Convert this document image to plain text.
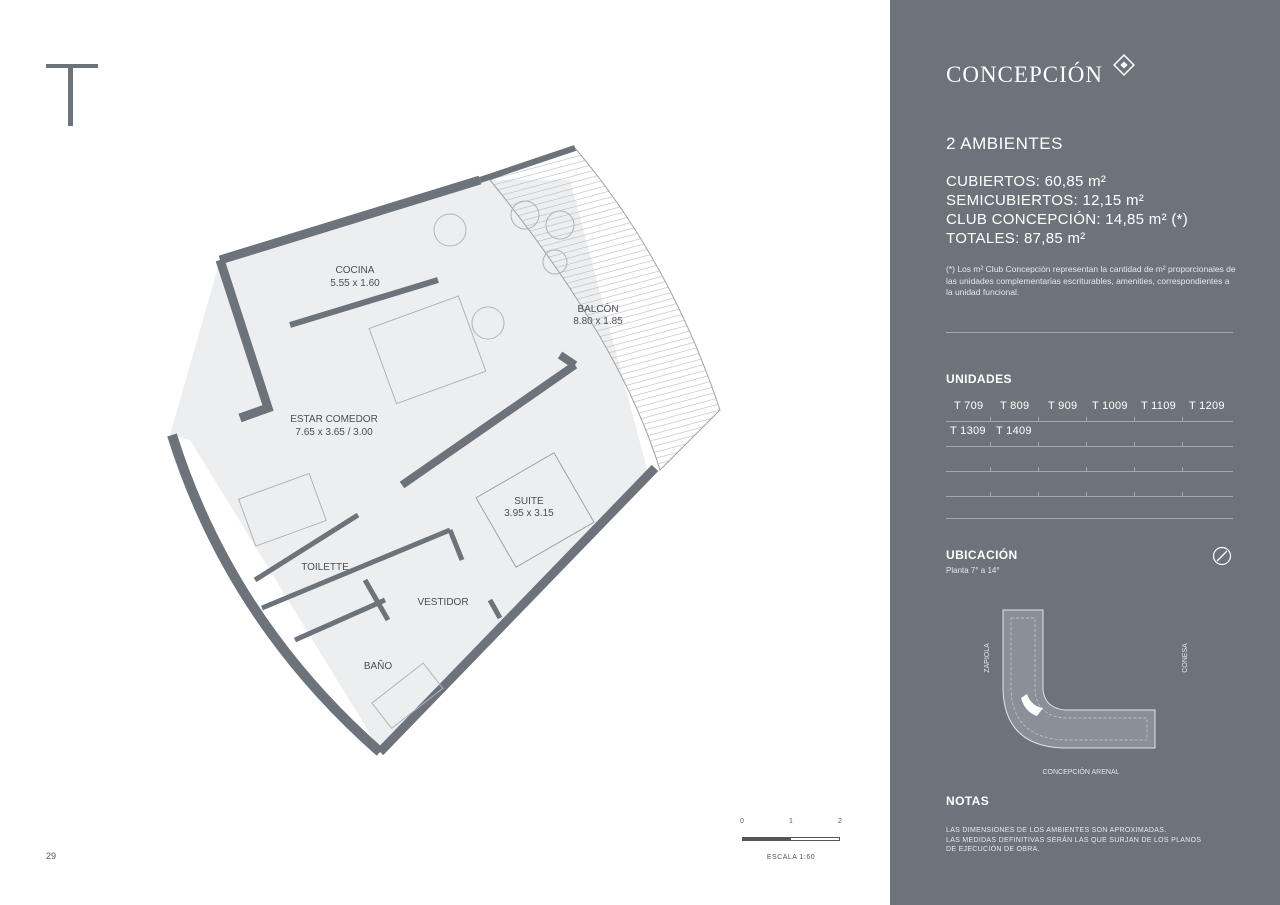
COCINA
5.55 x 1.60
BALCÓN
8.80 x 1.85
ESTAR COMEDOR
7.65 x 3.65 / 3.00
SUITE
3.95 x 3.15
TOILETTE
VESTIDOR
BAÑO
0	1	2
ESCALA 1:60
29
CONCEPCIÓN
2 AMBIENTES
CUBIERTOS: 60,85 m²
SEMICUBIERTOS: 12,15 m²
CLUB CONCEPCIÓN: 14,85 m² (*)
TOTALES: 87,85 m²
(*) Los m² Club Concepción representan la cantidad de m² proporcionales de las unidades complementarias escriturables, amenities, correspondientes a la unidad funcional.
UNIDADES
T 709 T 809 T 909 T 1009 T 1109 T 1209
T 1309 T 1409
UBICACIÓN
Planta 7° a 14°
ZAPIOLA	CONESA
CONCEPCIÓN ARENAL
NOTAS
LAS DIMENSIONES DE LOS AMBIENTES SON APROXIMADAS.
LAS MEDIDAS DEFINITIVAS SERÁN LAS QUE SURJAN DE LOS PLANOS
DE EJECUCIÓN DE OBRA.
